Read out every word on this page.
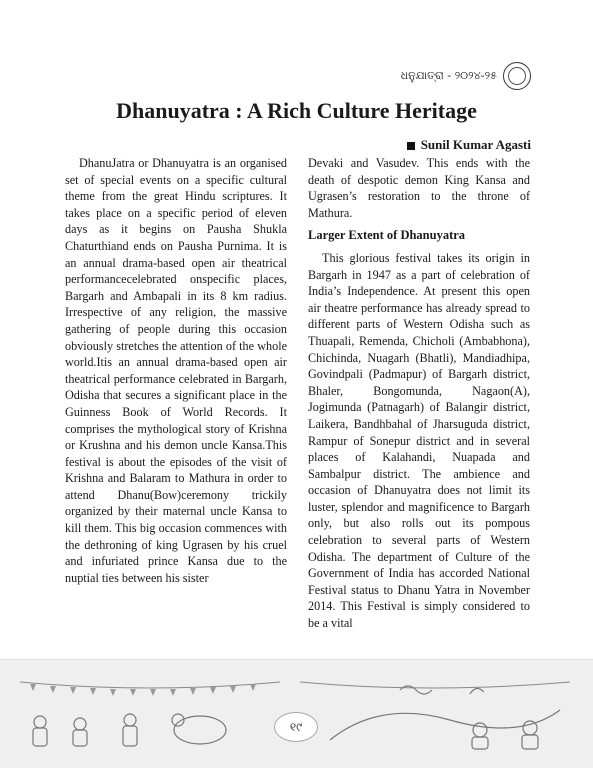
ଧନୁଯାତ୍ରା - ୨୦୨୪-୨୫
Dhanuyatra : A Rich Culture Heritage
Sunil Kumar Agasti

DhanuJatra or Dhanuyatra is an organised set of special events on a specific cultural theme from the great Hindu scriptures. It takes place on a specific period of eleven days as it begins on Pausha Shukla Chaturthiand ends on Pausha Purnima. It is an annual drama-based open air theatrical performancecelebrated onspecific places, Bargarh and Ambapali in its 8 km radius. Irrespective of any religion, the massive gathering of people during this occasion obviously stretches the attention of the whole world.Itis an annual drama-based open air theatrical performance celebrated in Bargarh, Odisha that secures a significant place in the Guinness Book of World Records. It comprises the mythological story of Krishna or Krushna and his demon uncle Kansa.This festival is about the episodes of the visit of Krishna and Balaram to Mathura in order to attend Dhanu(Bow)ceremony trickily organized by their maternal uncle Kansa to kill them. This big occasion commences with the dethroning of king Ugrasen by his cruel and infuriated prince Kansa due to the nuptial ties between his sister

Devaki and Vasudev. This ends with the death of despotic demon King Kansa and Ugrasen’s restoration to the throne of Mathura.

Larger Extent of Dhanuyatra

This glorious festival takes its origin in Bargarh in 1947 as a part of celebration of India’s Independence. At present this open air theatre performance has already spread to different parts of Western Odisha such as Thuapali, Remenda, Chicholi (Ambabhona), Chichinda, Nuagarh (Bhatli), Mandiadhipa, Govindpali (Padmapur) of Bargarh district, Bhaler, Bongomunda, Nagaon(A), Jogimunda (Patnagarh) of Balangir district, Laikera, Bandhbahal of Jharsuguda district, Rampur of Sonepur district and in several places of Kalahandi, Nuapada and Sambalpur district. The ambience and occasion of Dhanuyatra does not limit its luster, splendor and magnificence to Bargarh only, but also rolls out its pompous celebration to several parts of Western Odisha. The department of Culture of the Government of India has accorded National Festival status to Dhanu Yatra in November 2014. This Festival is simply considered to be a vital

୧୯
